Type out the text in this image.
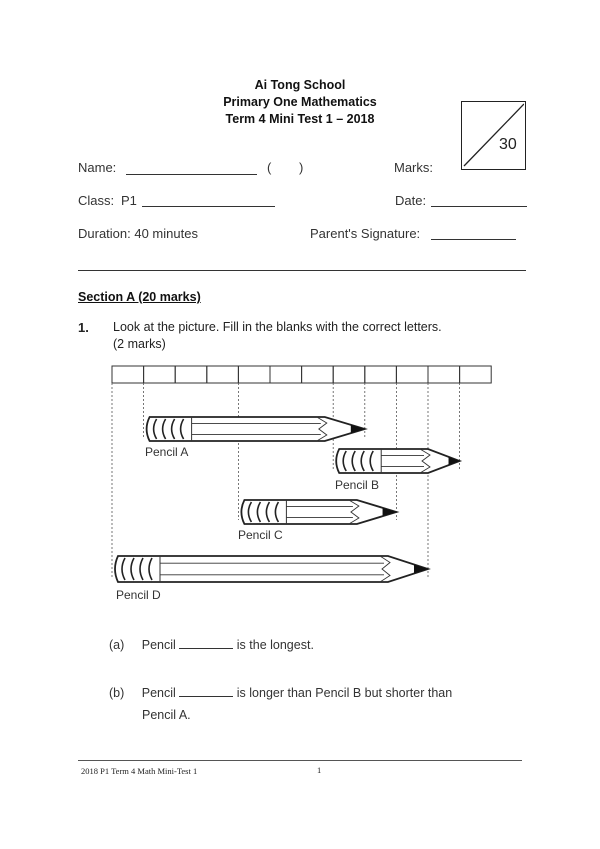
Ai Tong School
Primary One Mathematics
Term 4 Mini Test 1 – 2018
30
Name:	( )	Marks:
Class: P1	Date:
Duration: 40 minutes	Parent's Signature:
Section A (20 marks)
1. Look at the picture. Fill in the blanks with the correct letters.
(2 marks)
Pencil A
Pencil B
Pencil C
Pencil D
(a) Pencil	is the longest.
(b) Pencil	is longer than Pencil B but shorter than
Pencil A.
2018 P1 Term 4 Math Mini-Test 1	1
